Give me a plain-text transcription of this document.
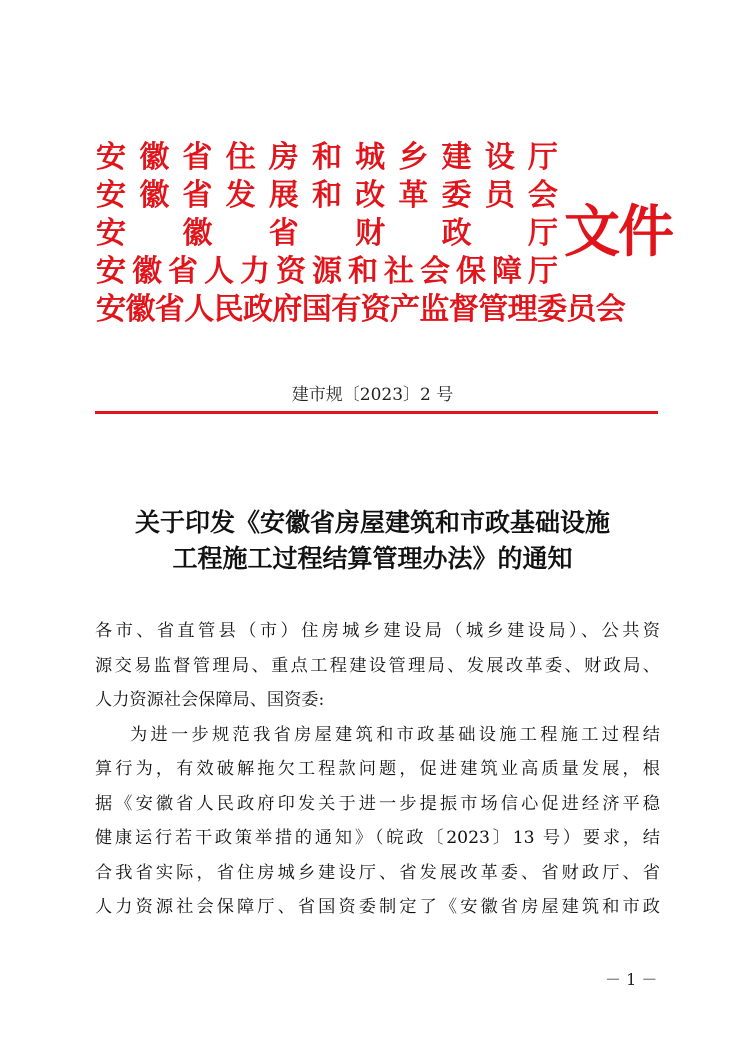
安 徽 省 住 房 和 城 乡 建 设 厅
安 徽 省 发 展 和 改 革 委 员 会
安 徽 省 财 政 厅
安 徽 省 人 力 资 源 和 社 会 保 障 厅
安徽省人民政府国有资产监督管理委员会
文件
建市规〔2023〕2 号
关于印发《安徽省房屋建筑和市政基础设施
工程施工过程结算管理办法》的通知
各市、省直管县（市）住房城乡建设局（城乡建设局）、公共资
源交易监督管理局、重点工程建设管理局、发展改革委、财政局、
人力资源社会保障局、国资委:
为进一步规范我省房屋建筑和市政基础设施工程施工过程结
算行为，有效破解拖欠工程款问题，促进建筑业高质量发展，根
据《安徽省人民政府印发关于进一步提振市场信心促进经济平稳
健康运行若干政策举措的通知》（皖政〔2023〕13 号）要求，结
合我省实际，省住房城乡建设厅、省发展改革委、省财政厅、省
人力资源社会保障厅、省国资委制定了《安徽省房屋建筑和市政
－ 1 －
